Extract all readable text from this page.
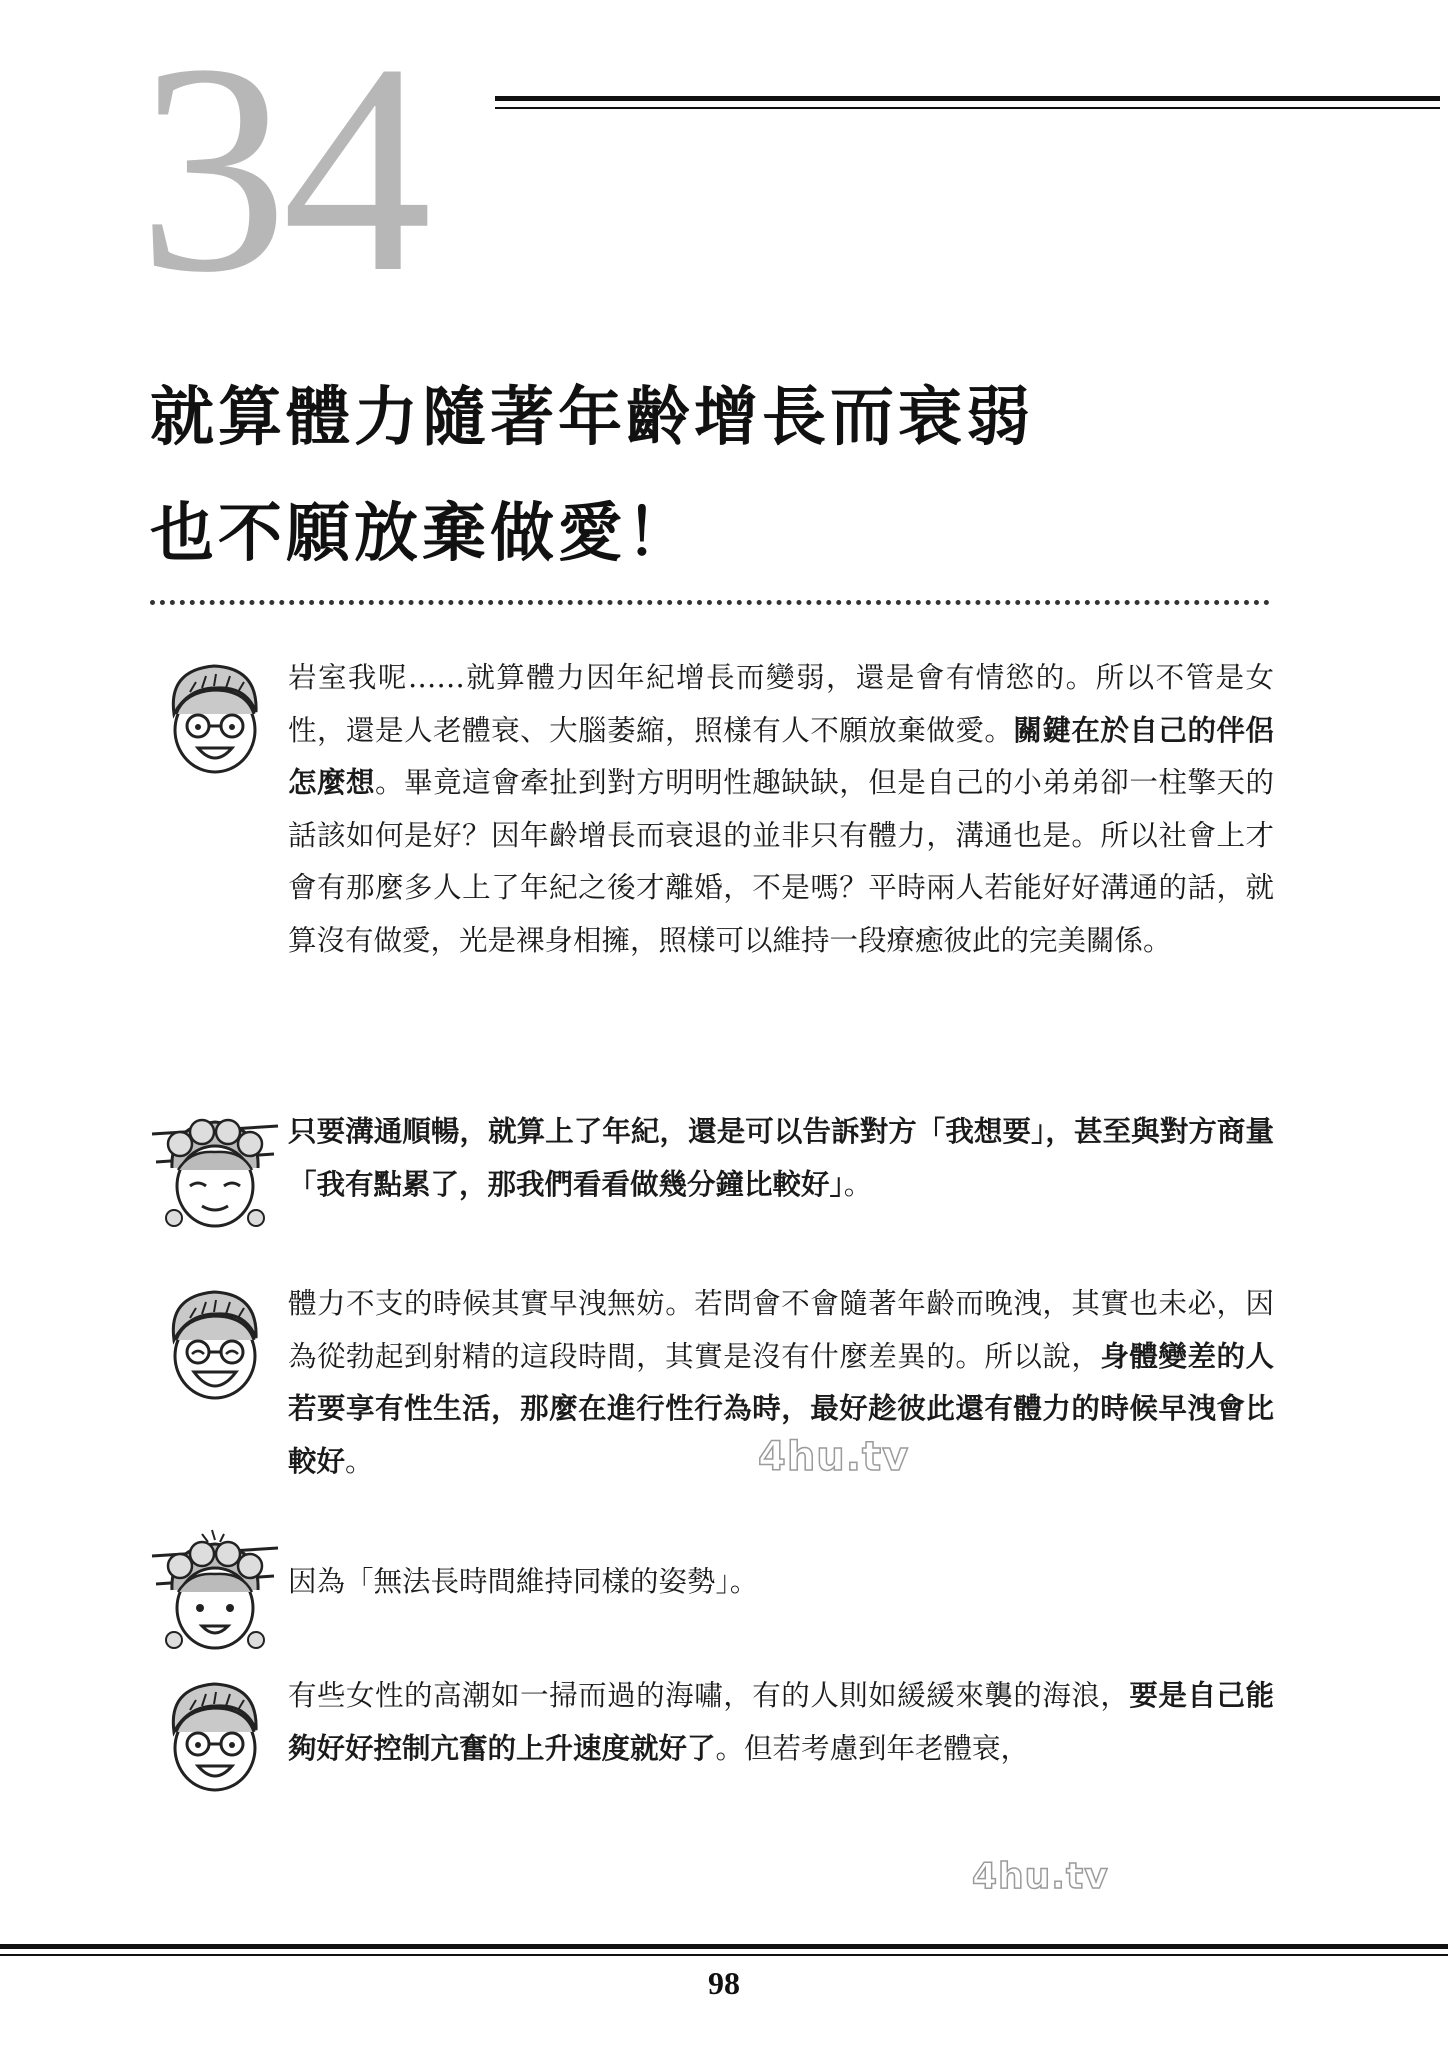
34
就算體力隨著年齡增長而衰弱
也不願放棄做愛！
岩室我呢……就算體力因年紀增長而變弱，還是會有情慾的。所以不管是女性，還是人老體衰、大腦萎縮，照樣有人不願放棄做愛。關鍵在於自己的伴侶怎麼想。畢竟這會牽扯到對方明明性趣缺缺，但是自己的小弟弟卻一柱擎天的話該如何是好？因年齡增長而衰退的並非只有體力，溝通也是。所以社會上才會有那麼多人上了年紀之後才離婚，不是嗎？平時兩人若能好好溝通的話，就算沒有做愛，光是裸身相擁，照樣可以維持一段療癒彼此的完美關係。
只要溝通順暢，就算上了年紀，還是可以告訴對方「我想要」，甚至與對方商量「我有點累了，那我們看看做幾分鐘比較好」。
體力不支的時候其實早洩無妨。若問會不會隨著年齡而晚洩，其實也未必，因為從勃起到射精的這段時間，其實是沒有什麼差異的。所以說，身體變差的人若要享有性生活，那麼在進行性行為時，最好趁彼此還有體力的時候早洩會比較好。
因為「無法長時間維持同樣的姿勢」。
有些女性的高潮如一掃而過的海嘯，有的人則如緩緩來襲的海浪，要是自己能夠好好控制亢奮的上升速度就好了。但若考慮到年老體衰，
4hu.tv
4hu.tv
98
